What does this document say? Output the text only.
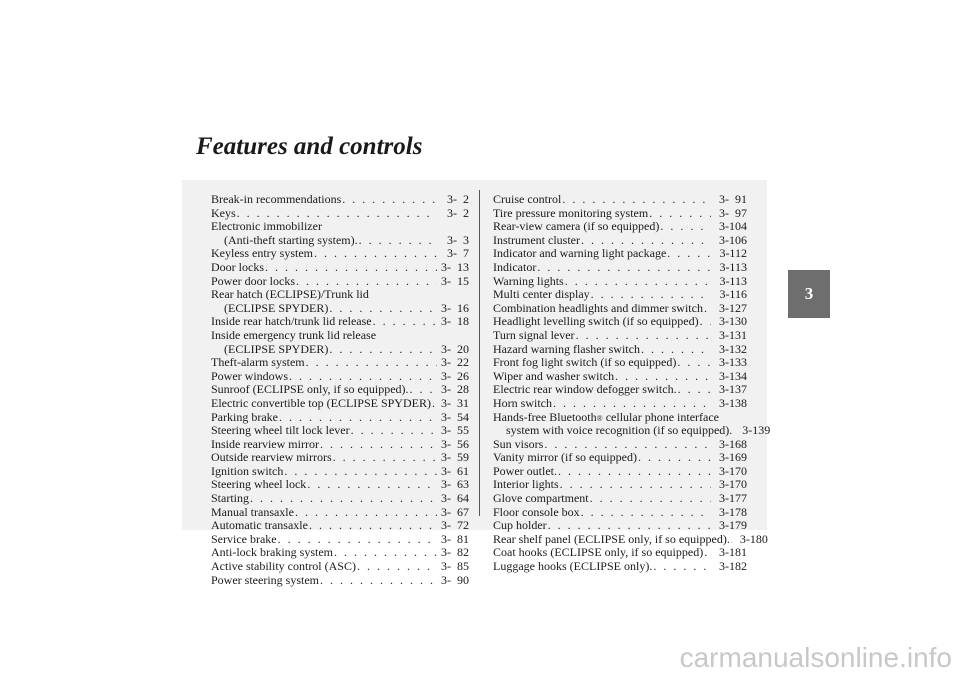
Features and controls
Break-in recommendations . . .	3-  2
Keys . . .	3-  2
Electronic immobilizer
(Anti-theft starting system). . . .	3-  3
Keyless entry system . . .	3-  7
Door locks . . .	3-  13
Power door locks . . .	3-  15
Rear hatch (ECLIPSE)/Trunk lid
(ECLIPSE SPYDER) . . .	3-  16
Inside rear hatch/trunk lid release . . .	3-  18
Inside emergency trunk lid release
(ECLIPSE SPYDER) . . .	3-  20
Theft-alarm system . . .	3-  22
Power windows . . .	3-  26
Sunroof (ECLIPSE only, if so equipped). . . .	3-  28
Electric convertible top (ECLIPSE SPYDER) . . . 3-  31
Parking brake . . .	3-  54
Steering wheel tilt lock lever . . .	3-  55
Inside rearview mirror . . .	3-  56
Outside rearview mirrors . . .	3-  59
Ignition switch . . .	3-  61
Steering wheel lock . . .	3-  63
Starting . . .	3-  64
Manual transaxle . . .	3-  67
Automatic transaxle . . .	3-  72
Service brake . . .	3-  81
Anti-lock braking system . . .	3-  82
Active stability control (ASC) . . .	3-  85
Power steering system . . .	3-  90
Cruise control . . .	3-  91
Tire pressure monitoring system . . .	3-  97
Rear-view camera (if so equipped) . . .	3-104
Instrument cluster . . .	3-106
Indicator and warning light package . . .	3-112
Indicator . . .	3-113
Warning lights . . .	3-113
Multi center display . . .	3-116
Combination headlights and dimmer switch . . .	3-127
Headlight levelling switch (if so equipped) . . .	3-130
Turn signal lever . . .	3-131
Hazard warning flasher switch . . .	3-132
Front fog light switch (if so equipped) . . .	3-133
Wiper and washer switch . . .	3-134
Electric rear window defogger switch. . . .	3-137
Horn switch . . .	3-138
Hands-free Bluetooth ® cellular phone interface
system with voice recognition (if so equipped). . . . 3-139
Sun visors . . .	3-168
Vanity mirror (if so equipped) . . .	3-169
Power outlet. . . .	3-170
Interior lights . . .	3-170
Glove compartment . . .	3-177
Floor console box . . .	3-178
Cup holder . . .	3-179
Rear shelf panel (ECLIPSE only, if so equipped). . . . 3-180
Coat hooks (ECLIPSE only, if so equipped) . . .	3-181
Luggage hooks (ECLIPSE only). . . .	3-182
3
carmanualsonline.info
